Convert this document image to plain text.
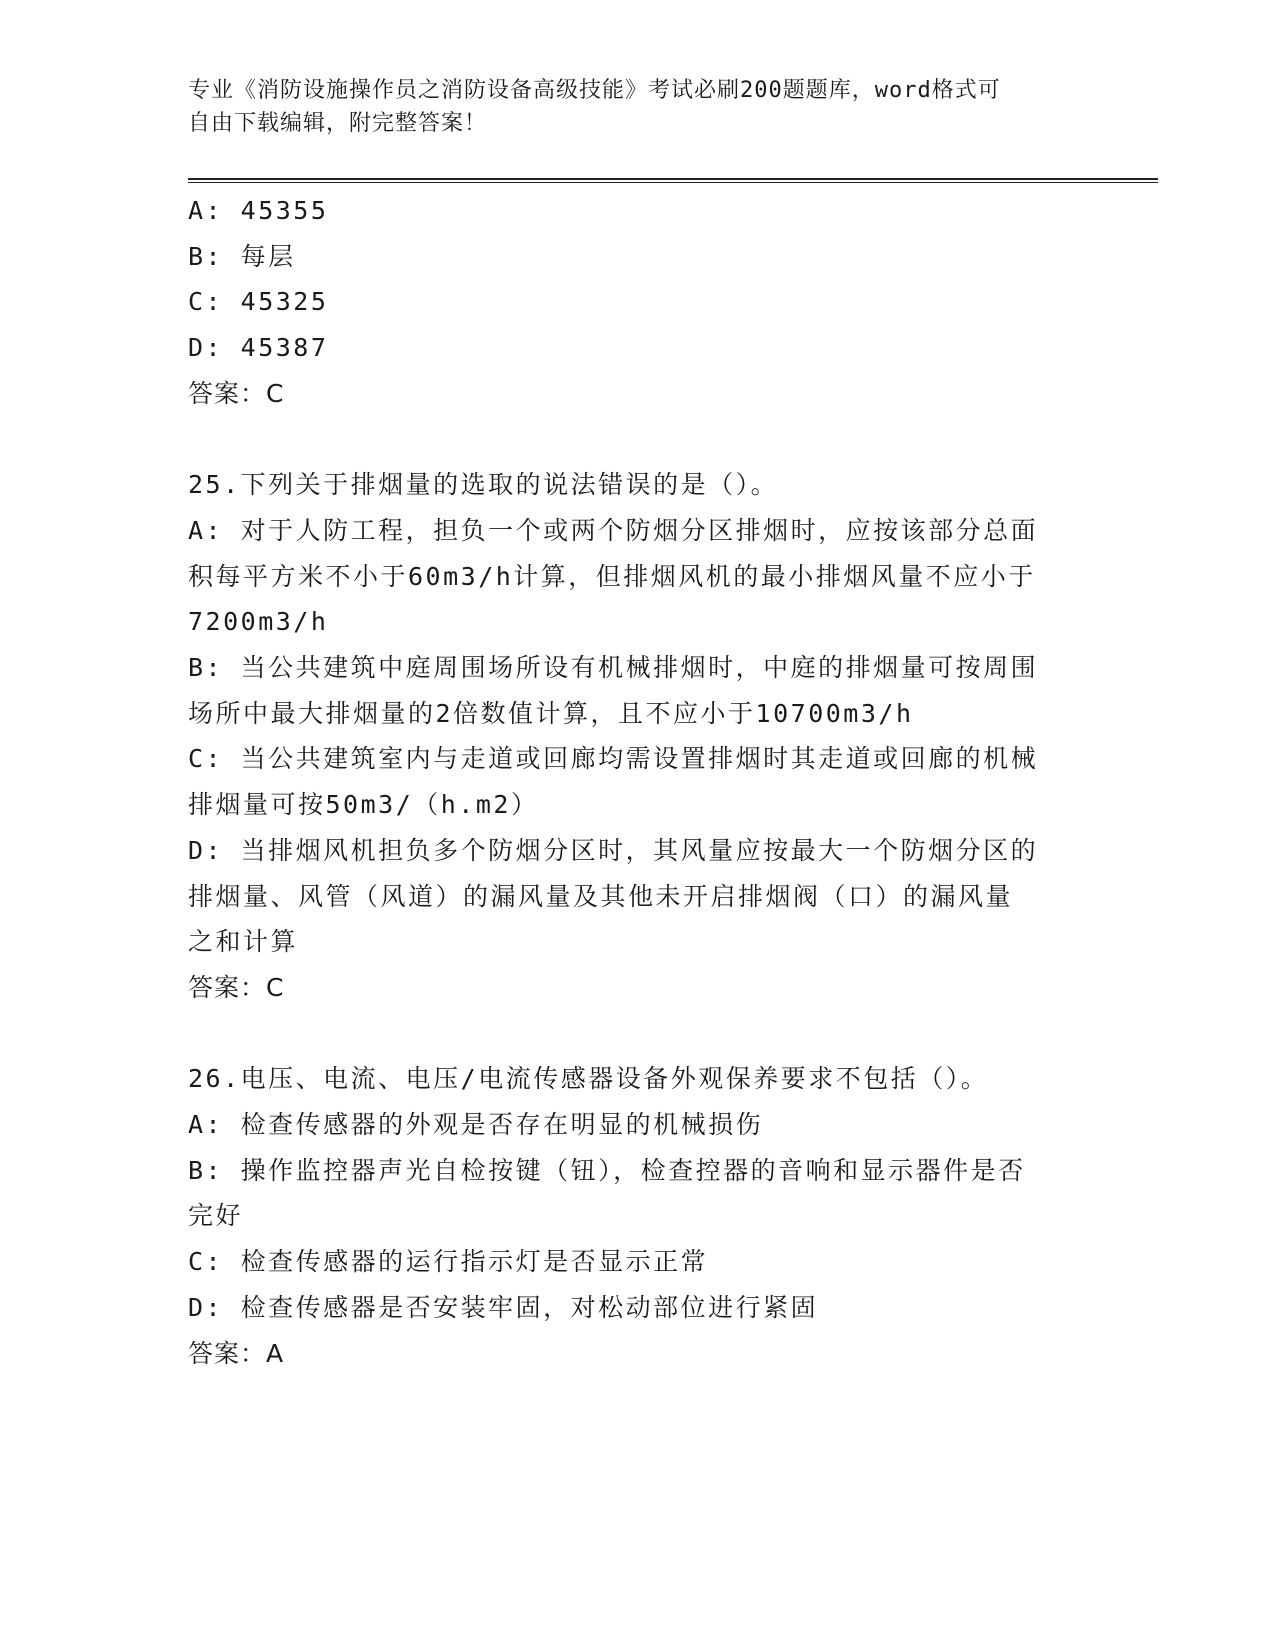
专业《消防设施操作员之消防设备高级技能》考试必刷200题题库，word格式可
自由下载编辑，附完整答案！
A: 45355
B: 每层
C: 45325
D: 45387
答案：C
25.下列关于排烟量的选取的说法错误的是（）。
A: 对于人防工程，担负一个或两个防烟分区排烟时，应按该部分总面
积每平方米不小于60m3/h计算，但排烟风机的最小排烟风量不应小于
7200m3/h
B: 当公共建筑中庭周围场所设有机械排烟时，中庭的排烟量可按周围
场所中最大排烟量的2倍数值计算，且不应小于10700m3/h
C: 当公共建筑室内与走道或回廊均需设置排烟时其走道或回廊的机械
排烟量可按50m3/（h.m2）
D: 当排烟风机担负多个防烟分区时，其风量应按最大一个防烟分区的
排烟量、风管（风道）的漏风量及其他未开启排烟阀（口）的漏风量
之和计算
答案：C
26.电压、电流、电压/电流传感器设备外观保养要求不包括（）。
A: 检查传感器的外观是否存在明显的机械损伤
B: 操作监控器声光自检按键（钮），检查控器的音响和显示器件是否
完好
C: 检查传感器的运行指示灯是否显示正常
D: 检查传感器是否安装牢固，对松动部位进行紧固
答案：A
